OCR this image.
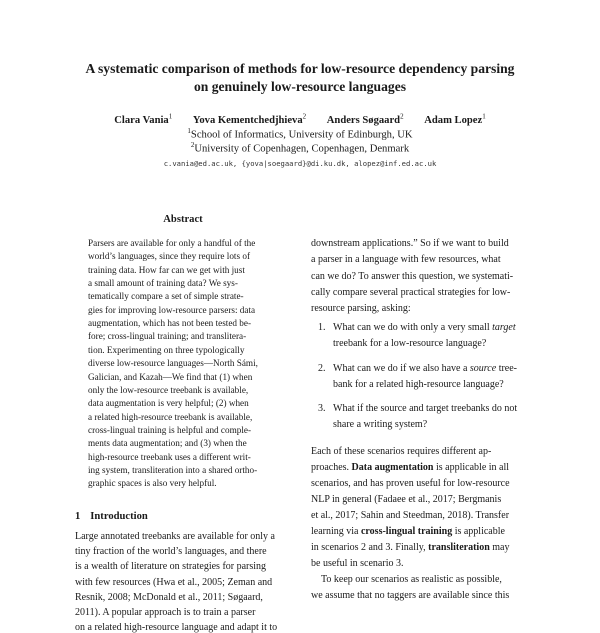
A systematic comparison of methods for low-resource dependency parsing
on genuinely low-resource languages
Clara Vania$^1$ Yova Kementchedjhieva$^2$ Anders Søgaard$^2$ Adam Lopez$^1$
$^1$School of Informatics, University of Edinburgh, UK
$^2$University of Copenhagen, Copenhagen, Denmark
c.vania@ed.ac.uk, {yova|soegaard}@di.ku.dk, alopez@inf.ed.ac.uk
Abstract
Parsers are available for only a handful of the
world’s languages, since they require lots of
training data. How far can we get with just
a small amount of training data? We sys-
tematically compare a set of simple strate-
gies for improving low-resource parsers: data
augmentation, which has not been tested be-
fore; cross-lingual training; and translitera-
tion. Experimenting on three typologically
diverse low-resource languages—North Sámi,
Galician, and Kazah—We find that (1) when
only the low-resource treebank is available,
data augmentation is very helpful; (2) when
a related high-resource treebank is available,
cross-lingual training is helpful and comple-
ments data augmentation; and (3) when the
high-resource treebank uses a different writ-
ing system, transliteration into a shared ortho-
graphic spaces is also very helpful.
1 Introduction
Large annotated treebanks are available for only a
tiny fraction of the world’s languages, and there
is a wealth of literature on strategies for parsing
with few resources (Hwa et al., 2005; Zeman and
Resnik, 2008; McDonald et al., 2011; Søgaard,
2011). A popular approach is to train a parser
on a related high-resource language and adapt it to
downstream applications.” So if we want to build
a parser in a language with few resources, what
can we do? To answer this question, we systemati-
cally compare several practical strategies for low-
resource parsing, asking:
1. What can we do with only a very small target
treebank for a low-resource language?
2. What can we do if we also have a source tree-
bank for a related high-resource language?
3. What if the source and target treebanks do not
share a writing system?
Each of these scenarios requires different ap-
proaches. Data augmentation is applicable in all
scenarios, and has proven useful for low-resource
NLP in general (Fadaee et al., 2017; Bergmanis
et al., 2017; Sahin and Steedman, 2018). Transfer
learning via cross-lingual training is applicable
in scenarios 2 and 3. Finally, transliteration may
be useful in scenario 3.
To keep our scenarios as realistic as possible,
we assume that no taggers are available since this
